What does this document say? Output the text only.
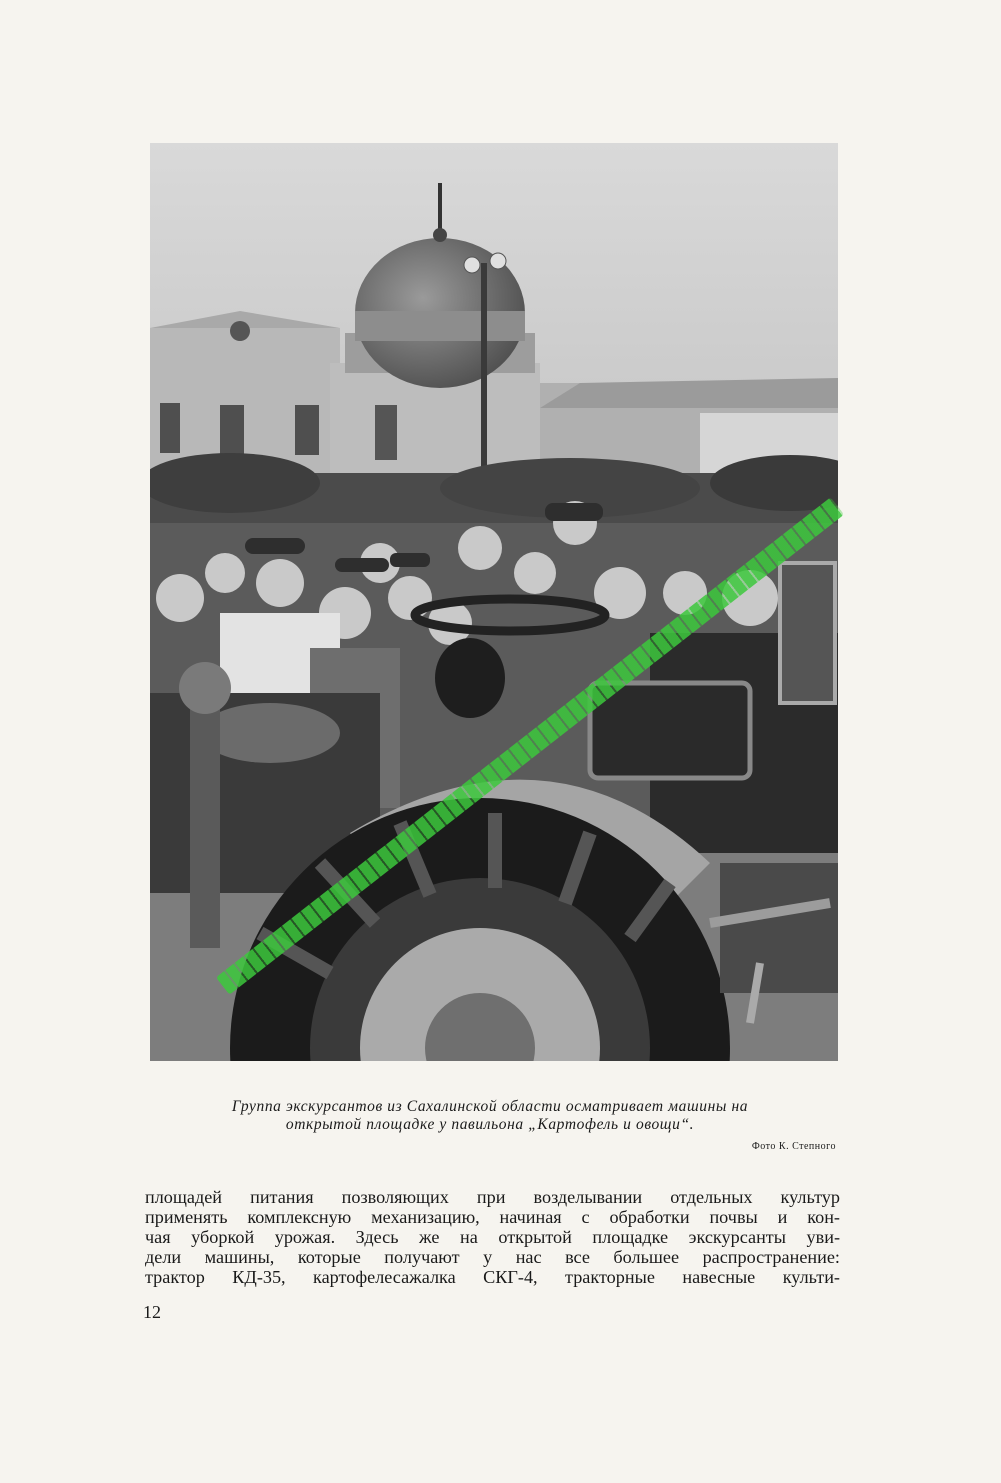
Группа экскурсантов из Сахалинской области осматривает машины на
открытой площадке у павильона „Картофель и овощи“.
Фото К. Степного
площадей питания позволяющих при возделывании отдельных культур
применять комплексную механизацию, начиная с обработки почвы и кон-
чая уборкой урожая. Здесь же на открытой площадке экскурсанты уви-
дели машины, которые получают у нас все большее распространение:
трактор КД-35, картофелесажалка СКГ-4, тракторные навесные культи-
12
